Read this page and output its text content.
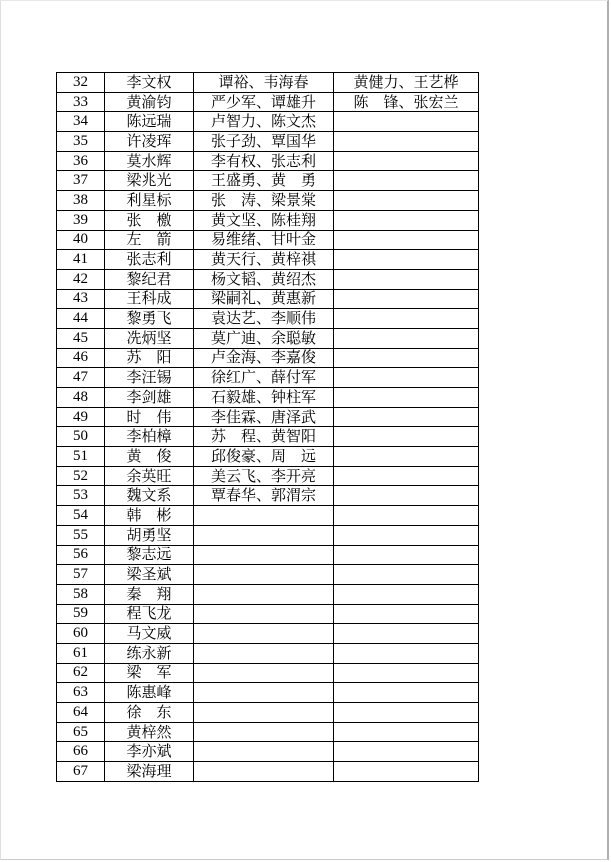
32	李文权	谭裕、韦海春	黄健力、王艺桦
33	黄渝钧	严少军、谭雄升	陈　锋、张宏兰
34	陈远瑞	卢智力、陈文杰	
35	许凌珲	张子劲、覃国华	
36	莫水辉	李有权、张志利	
37	梁兆光	王盛勇、黄　勇	
38	利星标	张　涛、梁景棠	
39	张　檄	黄文坚、陈桂翔	
40	左　箭	易维绪、甘叶金	
41	张志利	黄天行、黄梓祺	
42	黎纪君	杨文韬、黄绍杰	
43	王科成	梁嗣礼、黄惠新	
44	黎勇飞	袁达艺、李顺伟	
45	冼炳坚	莫广迪、余聪敏	
46	苏　阳	卢金海、李嘉俊	
47	李汪锡	徐红广、薛付军	
48	李剑雄	石毅雄、钟柱军	
49	时　伟	李佳霖、唐泽武	
50	李柏樟	苏　程、黄智阳	
51	黄　俊	邱俊豪、周　远	
52	余英旺	美云飞、李开亮	
53	魏文系	覃春华、郭渭宗	
54	韩　彬		
55	胡勇坚		
56	黎志远		
57	梁圣斌		
58	秦　翔		
59	程飞龙		
60	马文威		
61	练永新		
62	梁　军		
63	陈惠峰		
64	徐　东		
65	黄梓然		
66	李亦斌		
67	梁海理		
